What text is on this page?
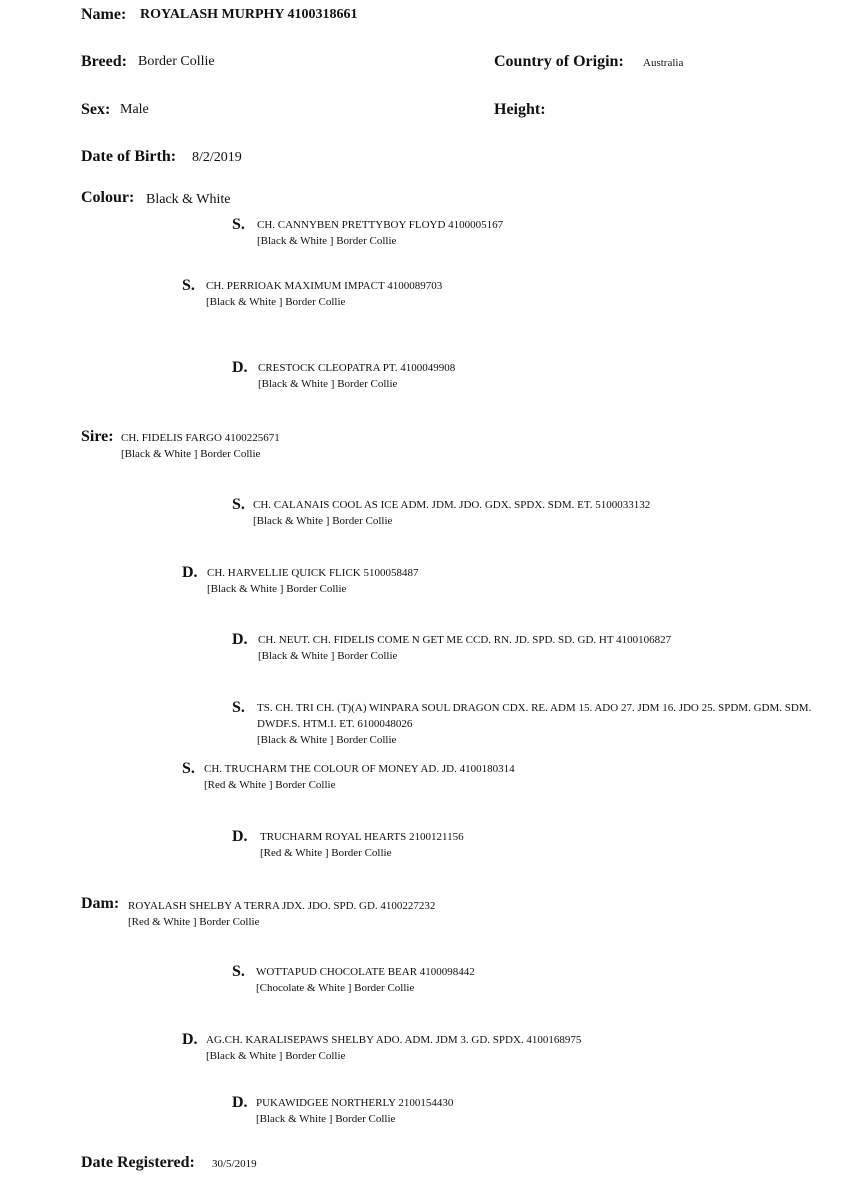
Name: ROYALASH MURPHY 4100318661
Breed: Border Collie	Country of Origin: Australia
Sex: Male	Height:
Date of Birth: 8/2/2019
Colour: Black & White
S. CH. CANNYBEN PRETTYBOY FLOYD 4100005167
[Black & White ] Border Collie
S. CH. PERRIOAK MAXIMUM IMPACT 4100089703
[Black & White ] Border Collie
D. CRESTOCK CLEOPATRA PT. 4100049908
[Black & White ] Border Collie
Sire: CH. FIDELIS FARGO 4100225671
[Black & White ] Border Collie
S. CH. CALANAIS COOL AS ICE ADM. JDM. JDO. GDX. SPDX. SDM. ET. 5100033132
[Black & White ] Border Collie
D. CH. HARVELLIE QUICK FLICK 5100058487
[Black & White ] Border Collie
D. CH. NEUT. CH. FIDELIS COME N GET ME CCD. RN. JD. SPD. SD. GD. HT 4100106827
[Black & White ] Border Collie
S. TS. CH. TRI CH. (T)(A) WINPARA SOUL DRAGON CDX. RE. ADM 15. ADO 27. JDM 16. JDO 25. SPDM. GDM. SDM.
DWDF.S. HTM.I. ET. 6100048026
[Black & White ] Border Collie
S. CH. TRUCHARM THE COLOUR OF MONEY AD. JD. 4100180314
[Red & White ] Border Collie
D. TRUCHARM ROYAL HEARTS 2100121156
[Red & White ] Border Collie
Dam: ROYALASH SHELBY A TERRA JDX. JDO. SPD. GD. 4100227232
[Red & White ] Border Collie
S. WOTTAPUD CHOCOLATE BEAR 4100098442
[Chocolate & White ] Border Collie
D. AG.CH. KARALISEPAWS SHELBY ADO. ADM. JDM 3. GD. SPDX. 4100168975
[Black & White ] Border Collie
D. PUKAWIDGEE NORTHERLY 2100154430
[Black & White ] Border Collie
Date Registered: 30/5/2019
